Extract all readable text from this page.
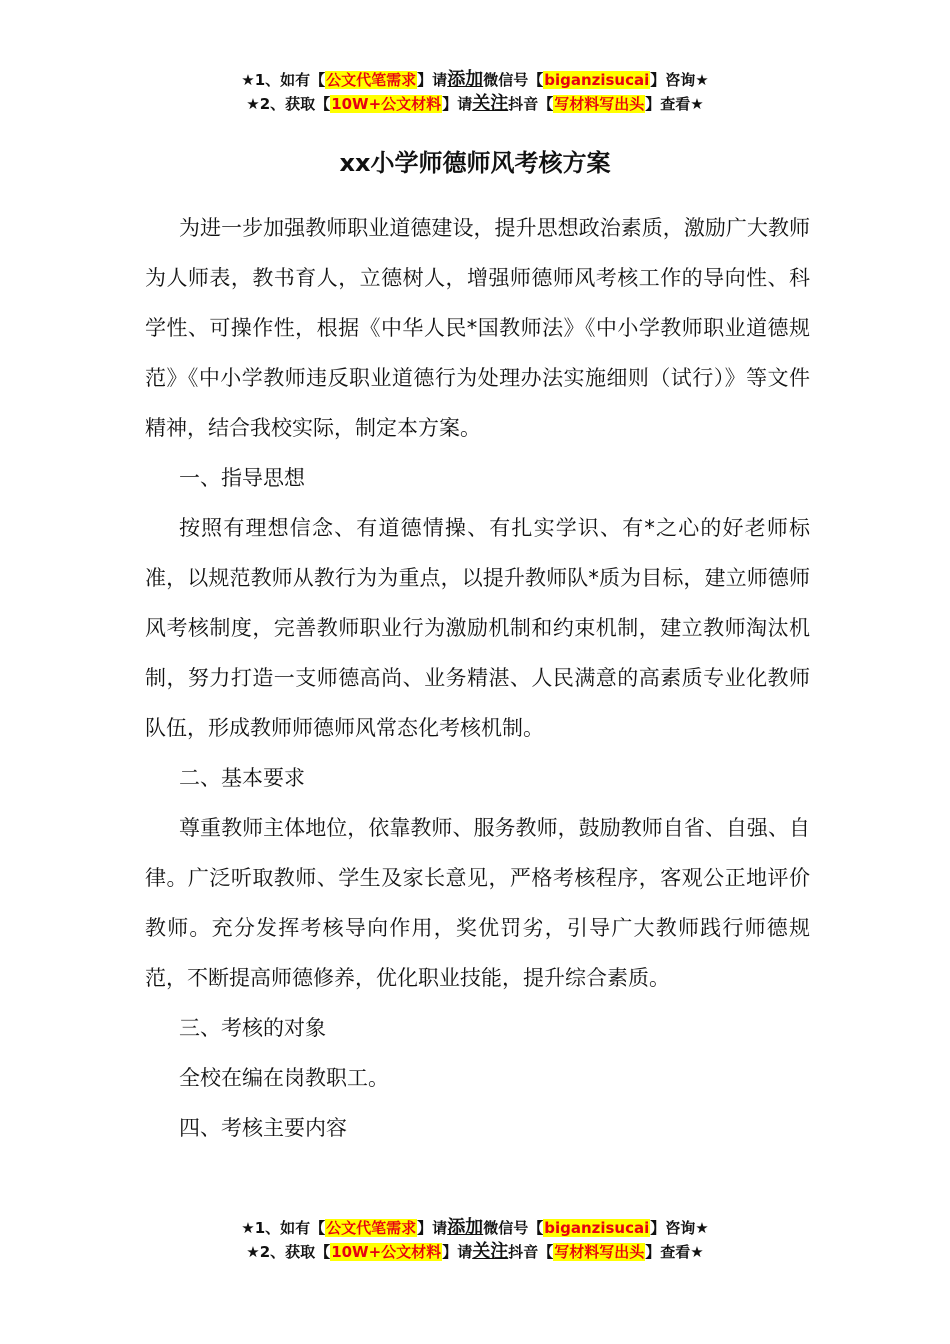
★1、如有【公文代笔需求】请添加微信号【biganzisucai】咨询★
★2、获取【10W+公文材料】请关注抖音【写材料写出头】查看★
xx小学师德师风考核方案

为进一步加强教师职业道德建设，提升思想政治素质，激励广大教师为人师表，教书育人，立德树人，增强师德师风考核工作的导向性、科学性、可操作性，根据《中华人民*国教师法》《中小学教师职业道德规范》《中小学教师违反职业道德行为处理办法实施细则（试行）》等文件精神，结合我校实际，制定本方案。

一、指导思想

按照有理想信念、有道德情操、有扎实学识、有*之心的好老师标准，以规范教师从教行为为重点，以提升教师队*质为目标，建立师德师风考核制度，完善教师职业行为激励机制和约束机制，建立教师淘汰机制，努力打造一支师德高尚、业务精湛、人民满意的高素质专业化教师队伍，形成教师师德师风常态化考核机制。

二、基本要求

尊重教师主体地位，依靠教师、服务教师，鼓励教师自省、自强、自律。广泛听取教师、学生及家长意见，严格考核程序，客观公正地评价教师。充分发挥考核导向作用，奖优罚劣，引导广大教师践行师德规范，不断提高师德修养，优化职业技能，提升综合素质。

三、考核的对象

全校在编在岗教职工。

四、考核主要内容

★1、如有【公文代笔需求】请添加微信号【biganzisucai】咨询★
★2、获取【10W+公文材料】请关注抖音【写材料写出头】查看★
